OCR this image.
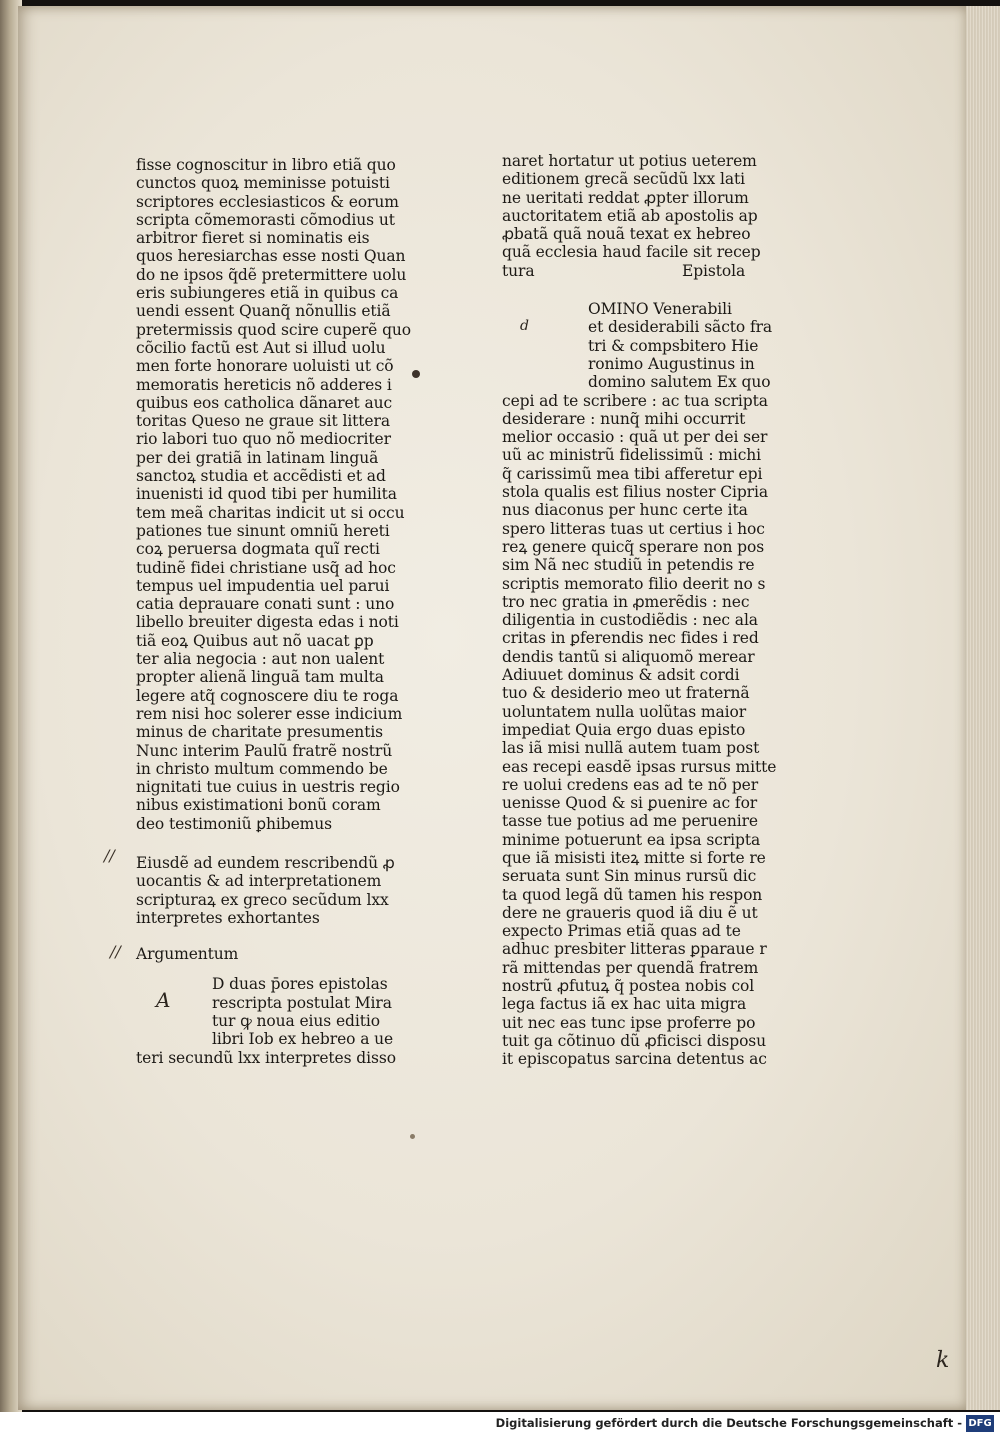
fisse cognoscitur in libro etiã quo
cunctos quoꝝ meminisse potuisti
scriptores ecclesiasticos & eorum
scripta cõmemorasti cõmodius ut
arbitror fieret si nominatis eis
quos heresiarchas esse nosti Quan
do ne ipsos q̃dẽ pretermittere uolu
eris subiungeres etiã in quibus ca
uendi essent Quanq̃ nõnullis etiã
pretermissis quod scire cuperẽ quo
cõcilio factũ est Aut si illud uolu
men forte honorare uoluisti ut cõ
memoratis hereticis nõ adderes i
quibus eos catholica dãnaret auc
toritas Queso ne graue sit littera
rio labori tuo quo nõ mediocriter
per dei gratiã in latinam linguã
sanctoꝝ studia et accẽdisti et ad
inuenisti id quod tibi per humilita
tem meã charitas indicit ut si occu
pationes tue sinunt omniũ hereti
coꝝ peruersa dogmata quĩ recti
tudinẽ fidei christiane usq̃ ad hoc
tempus uel impudentia uel parui
catia deprauare conati sunt : uno
libello breuiter digesta edas i noti
tiã eoꝝ Quibus aut nõ uacat ꝑp
ter alia negocia : aut non ualent
propter alienã linguã tam multa
legere atq̃ cognoscere diu te roga
rem nisi hoc solerer esse indicium
minus de charitate presumentis
Nunc interim Paulũ fratrẽ nostrũ
in christo multum commendo be
nignitati tue cuius in uestris regio
nibus existimationi bonũ coram
deo testimoniũ ꝑhibemus
Eiusdẽ ad eundem rescribendũ ꝓ
uocantis & ad interpretationem
scripturaꝝ ex greco secũdum lxx
interpretes exhortantes
Argumentum
D duas p̄ores epistolas
rescripta postulat Mira
tur ꝙ noua eius editio
libri Iob ex hebreo a ue
teri secundũ lxx interpretes disso
naret hortatur ut potius ueterem
editionem grecã secũdũ lxx lati
ne ueritati reddat ꝓpter illorum
auctoritatem etiã ab apostolis ap
ꝓbatã quã nouã texat ex hebreo
quã ecclesia haud facile sit recep
tura	Epistola
OMINO Venerabili
et desiderabili sãcto fra
tri & compsbitero Hie
ronimo Augustinus in
domino salutem Ex quo
cepi ad te scribere : ac tua scripta
desiderare : nunq̃ mihi occurrit
melior occasio : quã ut per dei ser
uũ ac ministrũ fidelissimũ : michi
q̃ carissimũ mea tibi afferetur epi
stola qualis est filius noster Cipria
nus diaconus per hunc certe ita
spero litteras tuas ut certius i hoc
reꝝ genere quicq̃ sperare non pos
sim Nã nec studiũ in petendis re
scriptis memorato filio deerit no s
tro nec gratia in ꝓmerẽdis : nec
diligentia in custodiẽdis : nec ala
critas in ꝑferendis nec fides i red
dendis tantũ si aliquomõ merear
Adiuuet dominus & adsit cordi
tuo & desiderio meo ut fraternã
uoluntatem nulla uolũtas maior
impediat Quia ergo duas episto
las iã misi nullã autem tuam post
eas recepi easdẽ ipsas rursus mitte
re uolui credens eas ad te nõ per
uenisse Quod & si ꝑuenire ac for
tasse tue potius ad me peruenire
minime potuerunt ea ipsa scripta
que iã misisti iteꝝ mitte si forte re
seruata sunt Sin minus rursũ dic
ta quod legã dũ tamen his respon
dere ne graueris quod iã diu ẽ ut
expecto Primas etiã quas ad te
adhuc presbiter litteras ꝑparaue r
rã mittendas per quendã fratrem
nostrũ ꝓfutuꝝ q̃ postea nobis col
lega factus iã ex hac uita migra
uit nec eas tunc ipse proferre po
tuit ga cõtinuo dũ ꝓficisci disposu
it episcopatus sarcina detentus ac
//
//
A
d
k
Digitalisierung gefördert durch die Deutsche Forschungsgemeinschaft - DFG
